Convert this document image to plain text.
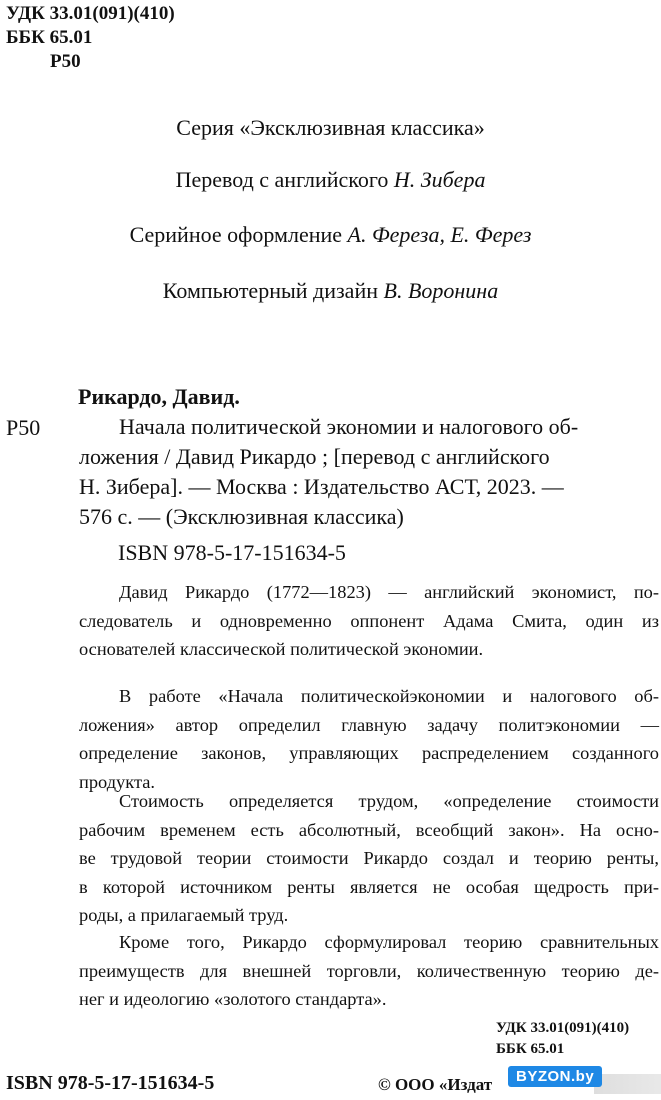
УДК 33.01(091)(410)
ББК 65.01
Р50
Серия «Эксклюзивная классика»
Перевод с английского Н. Зибера
Серийное оформление А. Фереза, Е. Ферез
Компьютерный дизайн В. Воронина
Рикардо, Давид.
Р50	Начала политической экономии и налогового об-
ложения / Давид Рикардо ; [перевод с английского
Н. Зибера]. — Москва : Издательство АСТ, 2023. —
576 с. — (Эксклюзивная классика)
ISBN 978-5-17-151634-5
Давид Рикардо (1772—1823) — английский экономист, по-
следователь и одновременно оппонент Адама Смита, один из
основателей классической политической экономии.
В работе «Начала политическойэкономии и налогового об-
ложения» автор определил главную задачу политэкономии —
определение законов, управляющих распределением созданного
продукта.
Стоимость определяется трудом, «определение стоимости
рабочим временем есть абсолютный, всеобщий закон». На осно-
ве трудовой теории стоимости Рикардо создал и теорию ренты,
в которой источником ренты является не особая щедрость при-
роды, а прилагаемый труд.
Кроме того, Рикардо сформулировал теорию сравнительных
преимуществ для внешней торговли, количественную теорию де-
нег и идеологию «золотого стандарта».
УДК 33.01(091)(410)
ББК 65.01
ISBN 978-5-17-151634-5	© ООО «Издат	BYZON.by
